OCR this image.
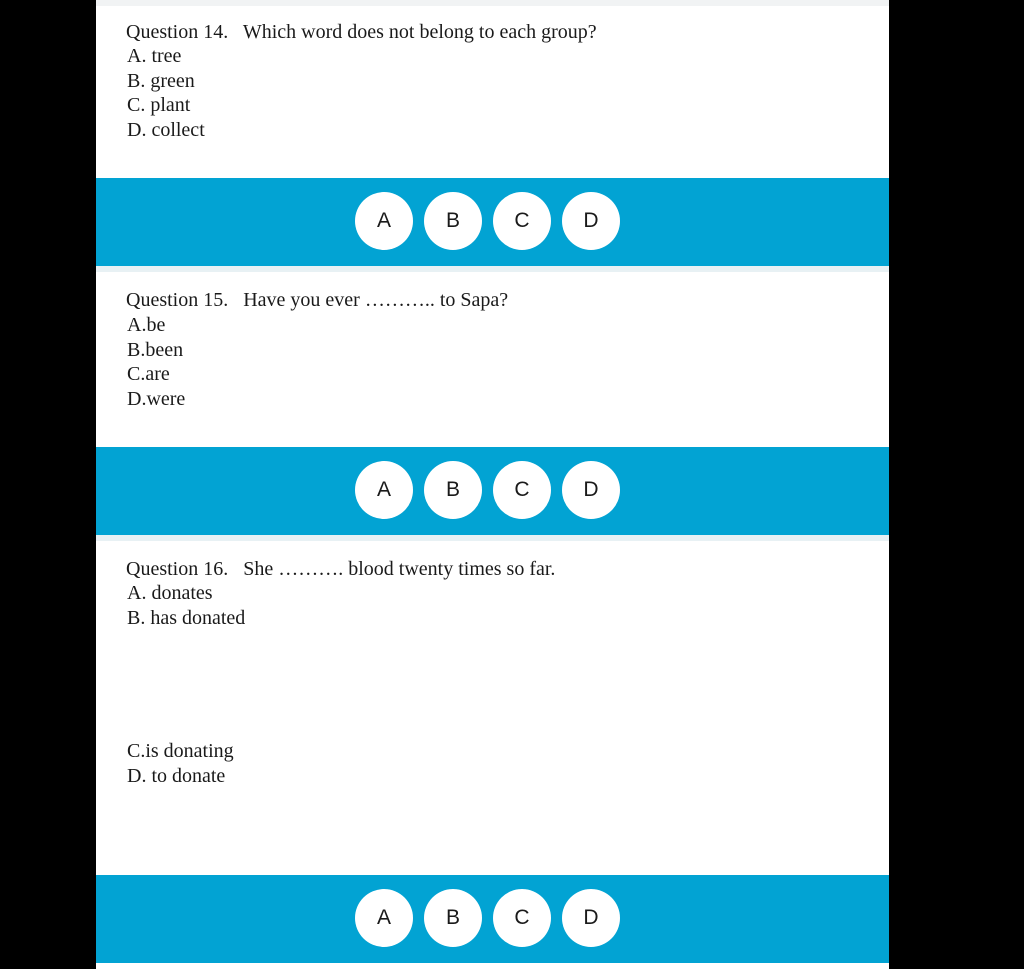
Question 14.   Which word does not belong to each group?
A. tree
B. green
C. plant
D. collect
A	B	C	D
Question 15.   Have you ever ……….. to Sapa?
A.be
B.been
C.are
D.were
A	B	C	D
Question 16.   She ………. blood twenty times so far.
A. donates
B. has donated
C.is donating
D. to donate
A	B	C	D
